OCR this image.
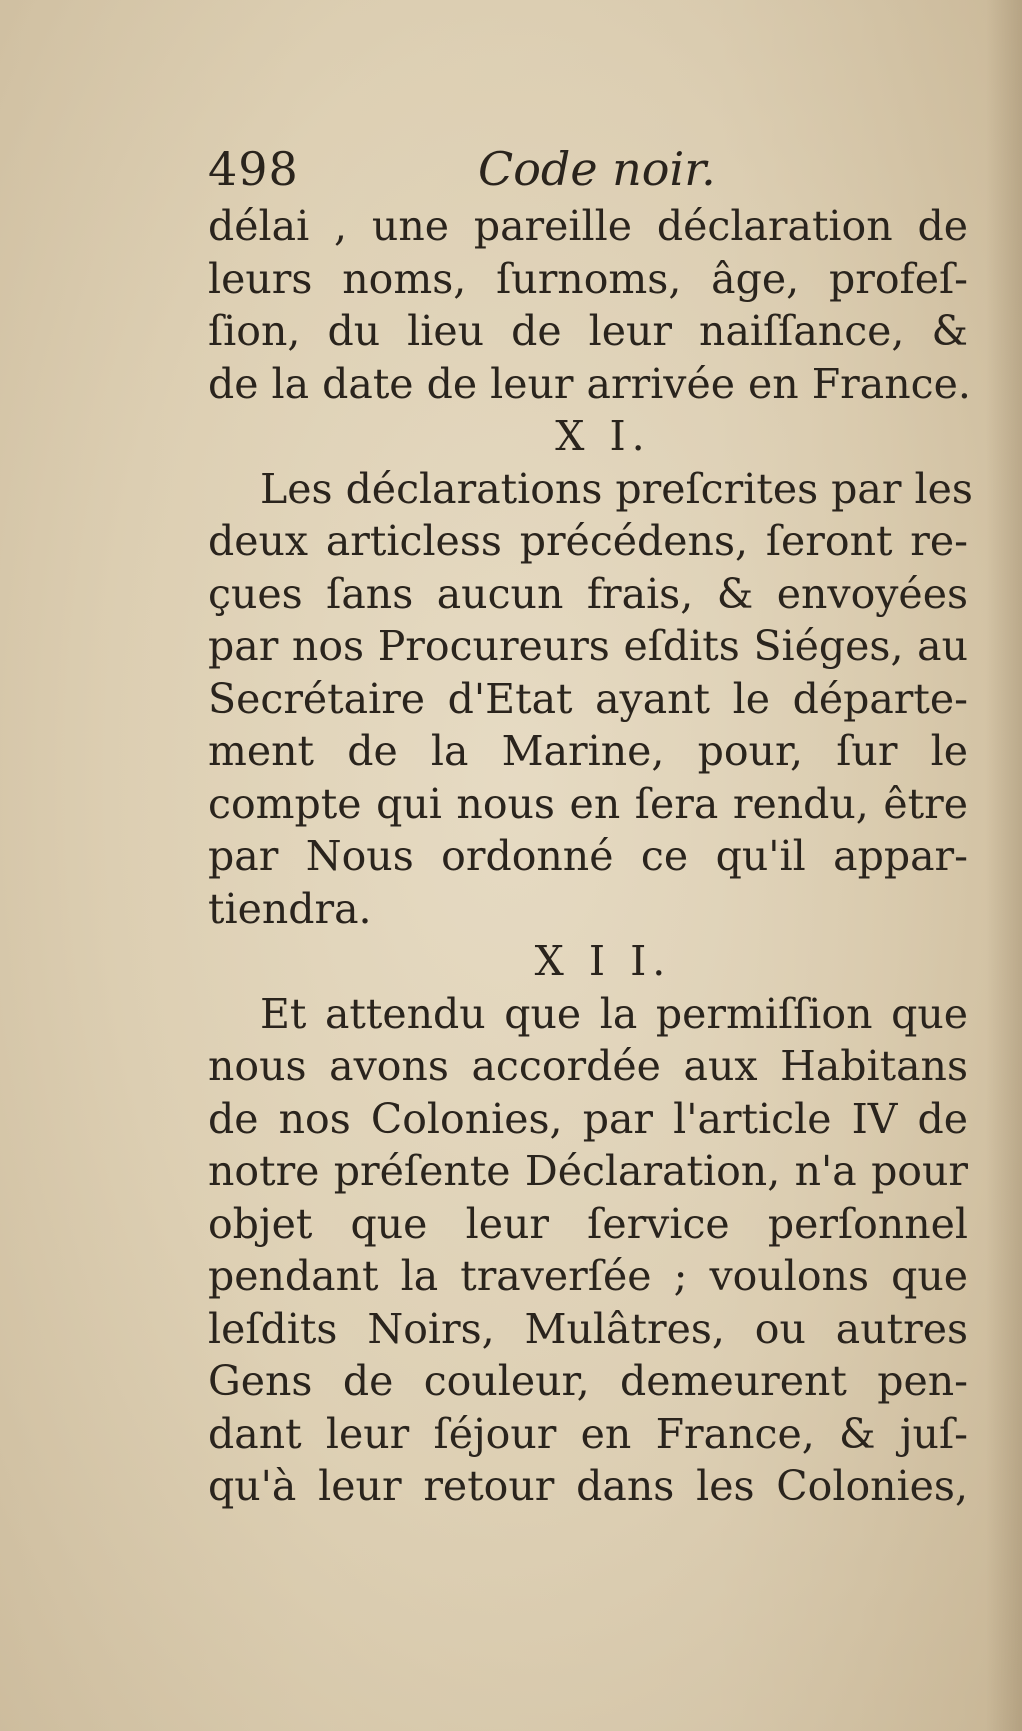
498	Code noir.
délai , une pareille déclaration de
leurs noms, ſurnoms, âge, profeſ-
ſion, du lieu de leur naiſſance, &
de la date de leur arrivée en France.
X I.
Les déclarations preſcrites par les
deux articless précédens, ſeront re-
çues ſans aucun frais, & envoyées
par nos Procureurs eſdits Siéges, au
Secrétaire d'Etat ayant le départe-
ment de la Marine, pour, ſur le
compte qui nous en ſera rendu, être
par Nous ordonné ce qu'il appar-
tiendra.
X I I.
Et attendu que la permiſſion que
nous avons accordée aux Habitans
de nos Colonies, par l'article IV de
notre préſente Déclaration, n'a pour
objet que leur ſervice perſonnel
pendant la traverſée ; voulons que
leſdits Noirs, Mulâtres, ou autres
Gens de couleur, demeurent pen-
dant leur ſéjour en France, & juſ-
qu'à leur retour dans les Colonies,
